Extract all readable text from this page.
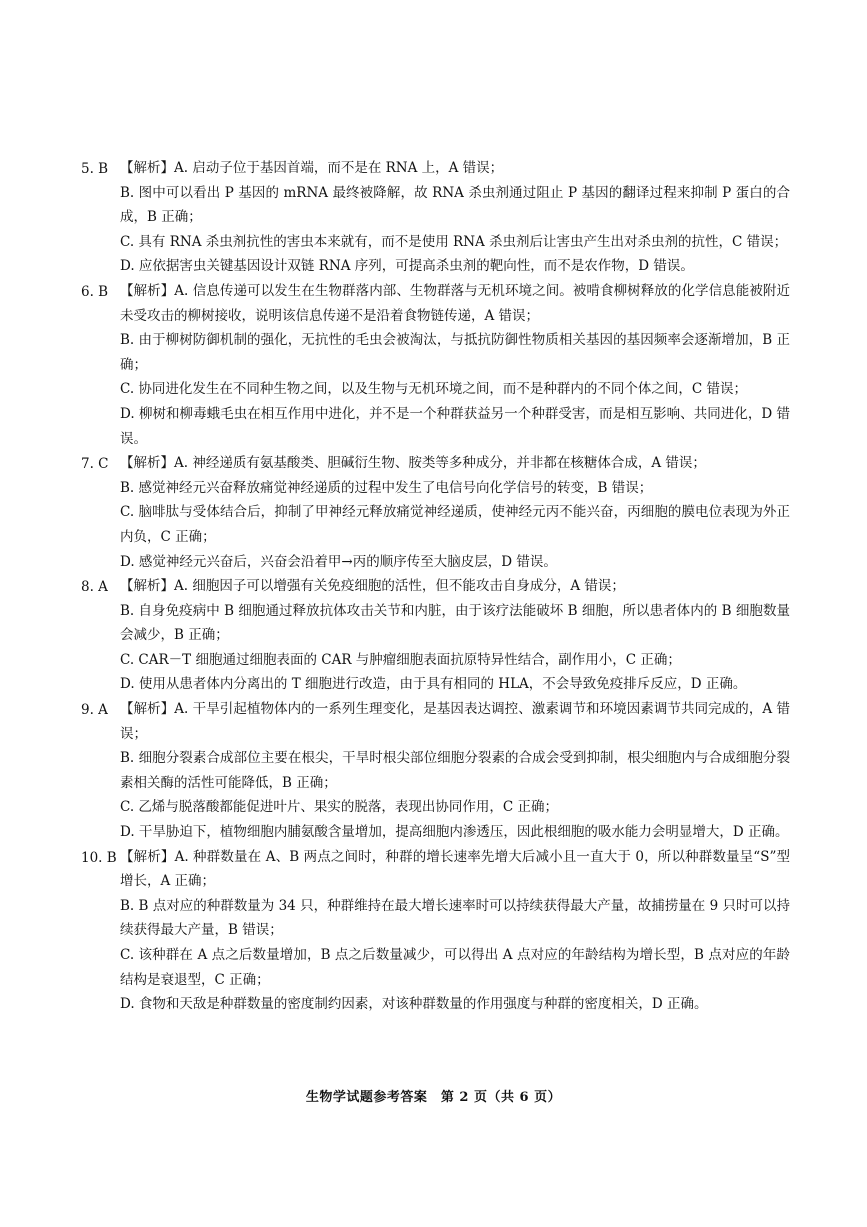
5. B 【解析】A. 启动子位于基因首端，而不是在 RNA 上，A 错误；

B. 图中可以看出 P 基因的 mRNA 最终被降解，故 RNA 杀虫剂通过阻止 P 基因的翻译过程来抑制 P 蛋白的合成，B 正确；

C. 具有 RNA 杀虫剂抗性的害虫本来就有，而不是使用 RNA 杀虫剂后让害虫产生出对杀虫剂的抗性，C 错误；

D. 应依据害虫关键基因设计双链 RNA 序列，可提高杀虫剂的靶向性，而不是农作物，D 错误。

6. B 【解析】A. 信息传递可以发生在生物群落内部、生物群落与无机环境之间。被啃食柳树释放的化学信息能被附近未受攻击的柳树接收，说明该信息传递不是沿着食物链传递，A 错误；

B. 由于柳树防御机制的强化，无抗性的毛虫会被淘汰，与抵抗防御性物质相关基因的基因频率会逐渐增加，B 正确；

C. 协同进化发生在不同种生物之间，以及生物与无机环境之间，而不是种群内的不同个体之间，C 错误；

D. 柳树和柳毒蛾毛虫在相互作用中进化，并不是一个种群获益另一个种群受害，而是相互影响、共同进化，D 错误。

7. C 【解析】A. 神经递质有氨基酸类、胆碱衍生物、胺类等多种成分，并非都在核糖体合成，A 错误；

B. 感觉神经元兴奋释放痛觉神经递质的过程中发生了电信号向化学信号的转变，B 错误；

C. 脑啡肽与受体结合后，抑制了甲神经元释放痛觉神经递质，使神经元丙不能兴奋，丙细胞的膜电位表现为外正内负，C 正确；

D. 感觉神经元兴奋后，兴奋会沿着甲→丙的顺序传至大脑皮层，D 错误。

8. A 【解析】A. 细胞因子可以增强有关免疫细胞的活性，但不能攻击自身成分，A 错误；

B. 自身免疫病中 B 细胞通过释放抗体攻击关节和内脏，由于该疗法能破坏 B 细胞，所以患者体内的 B 细胞数量会减少，B 正确；

C. CAR－T 细胞通过细胞表面的 CAR 与肿瘤细胞表面抗原特异性结合，副作用小，C 正确；

D. 使用从患者体内分离出的 T 细胞进行改造，由于具有相同的 HLA，不会导致免疫排斥反应，D 正确。

9. A 【解析】A. 干旱引起植物体内的一系列生理变化，是基因表达调控、激素调节和环境因素调节共同完成的，A 错误；

B. 细胞分裂素合成部位主要在根尖，干旱时根尖部位细胞分裂素的合成会受到抑制，根尖细胞内与合成细胞分裂素相关酶的活性可能降低，B 正确；

C. 乙烯与脱落酸都能促进叶片、果实的脱落，表现出协同作用，C 正确；

D. 干旱胁迫下，植物细胞内脯氨酸含量增加，提高细胞内渗透压，因此根细胞的吸水能力会明显增大，D 正确。

10. B 【解析】A. 种群数量在 A、B 两点之间时，种群的增长速率先增大后减小且一直大于 0，所以种群数量呈“S”型增长，A 正确；

B. B 点对应的种群数量为 34 只，种群维持在最大增长速率时可以持续获得最大产量，故捕捞量在 9 只时可以持续获得最大产量，B 错误；

C. 该种群在 A 点之后数量增加，B 点之后数量减少，可以得出 A 点对应的年龄结构为增长型，B 点对应的年龄结构是衰退型，C 正确；

D. 食物和天敌是种群数量的密度制约因素，对该种群数量的作用强度与种群的密度相关，D 正确。

生物学试题参考答案　第 2 页（共 6 页）
